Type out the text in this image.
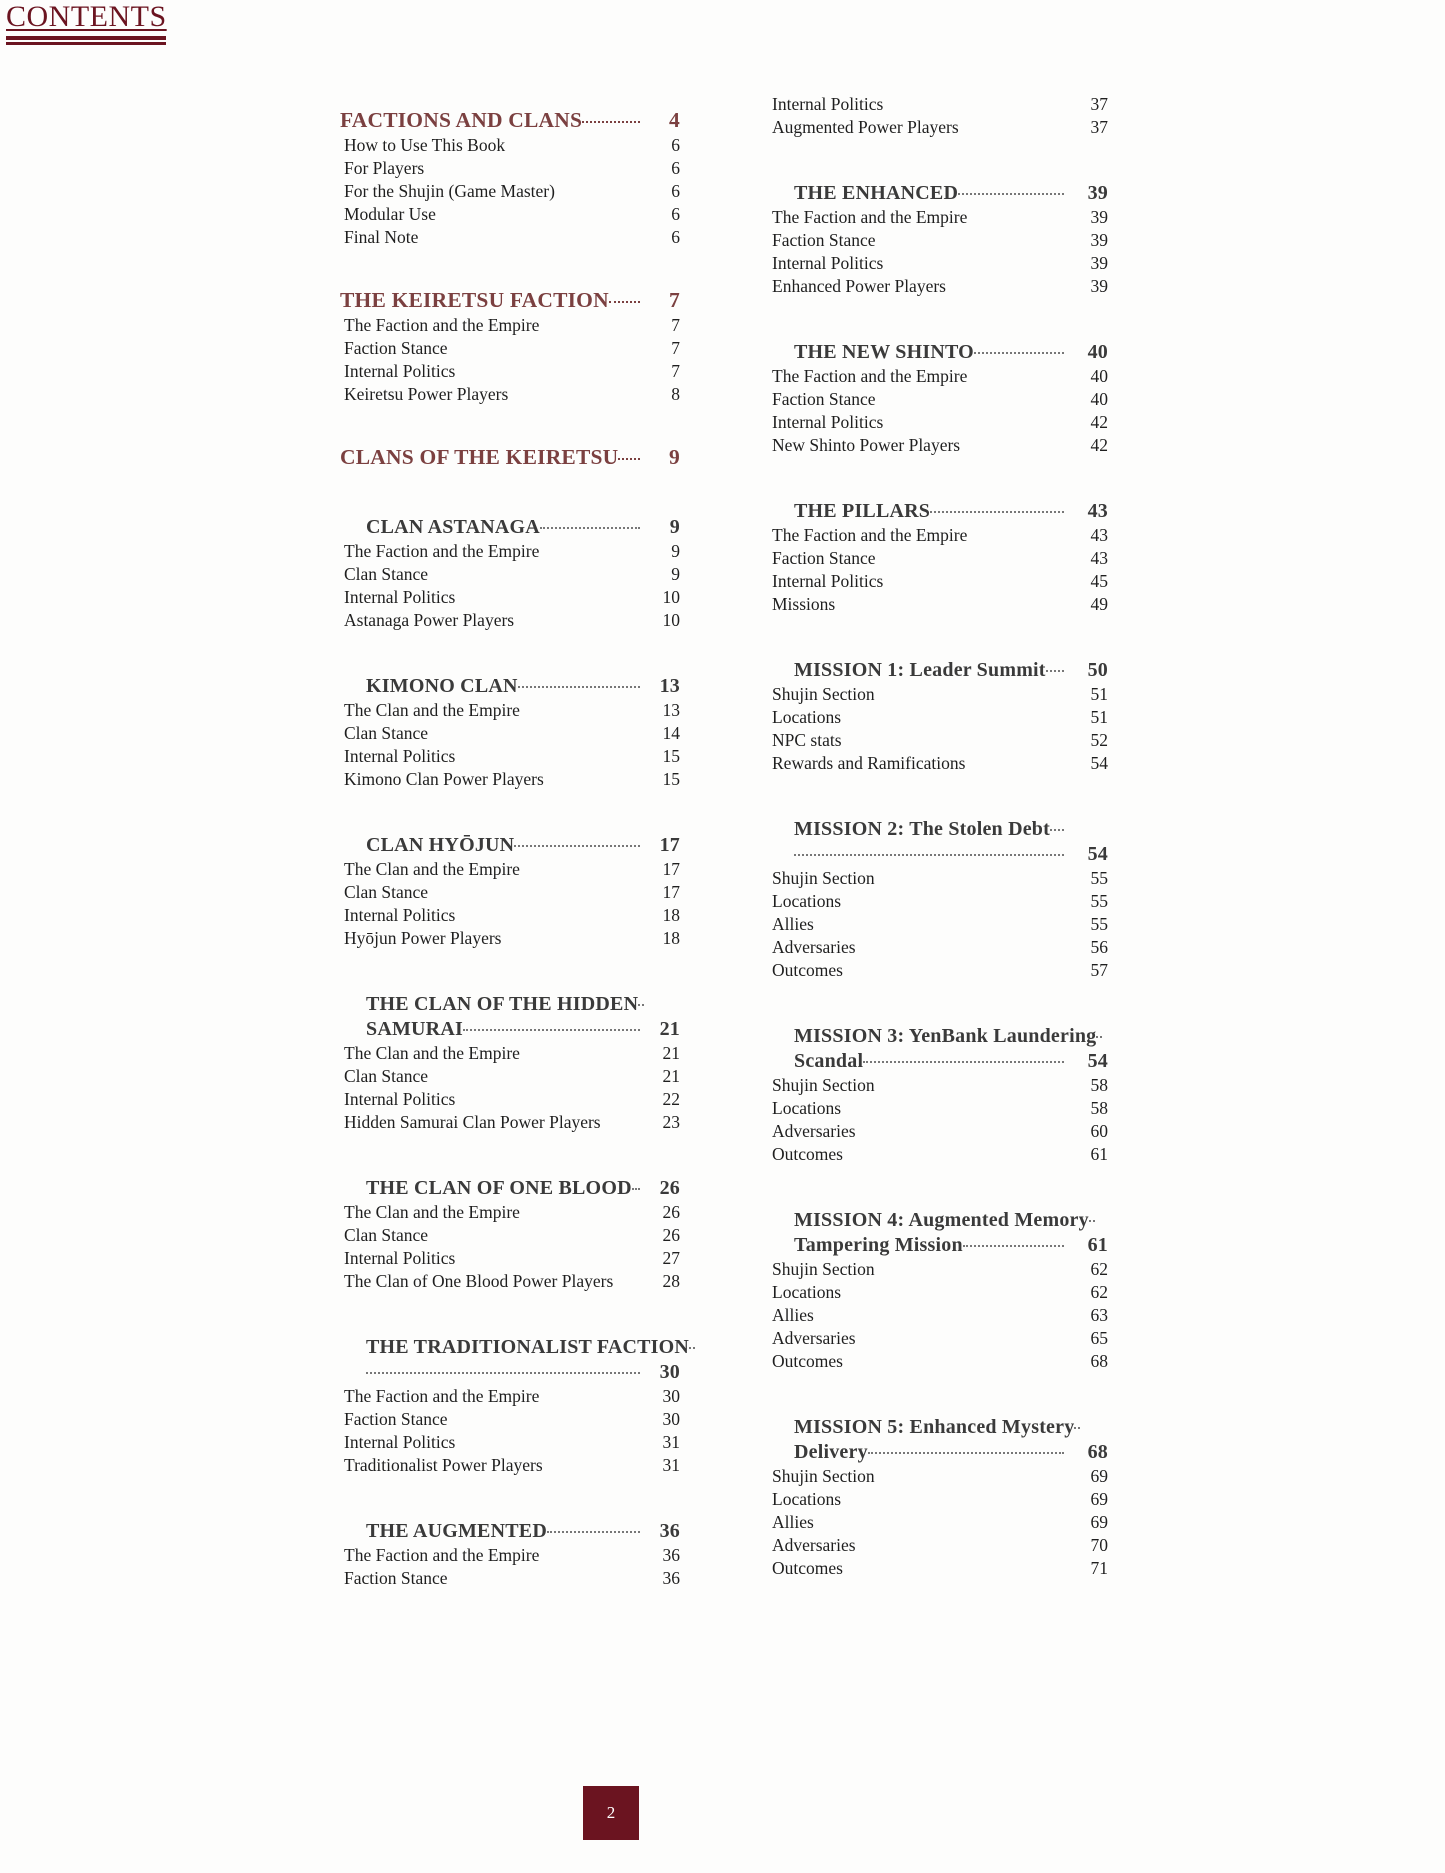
CONTENTS
FACTIONS AND CLANS	4
How to Use This Book	6
For Players	6
For the Shujin (Game Master)	6
Modular Use	6
Final Note	6
THE KEIRETSU FACTION	7
The Faction and the Empire	7
Faction Stance	7
Internal Politics	7
Keiretsu Power Players	8
CLANS OF THE KEIRETSU	9
CLAN ASTANAGA	9
The Faction and the Empire	9
Clan Stance	9
Internal Politics	10
Astanaga Power Players	10
KIMONO CLAN	13
The Clan and the Empire	13
Clan Stance	14
Internal Politics	15
Kimono Clan Power Players	15
CLAN HYŌJUN	17
The Clan and the Empire	17
Clan Stance	17
Internal Politics	18
Hyōjun Power Players	18
THE CLAN OF THE HIDDEN
SAMURAI	21
The Clan and the Empire	21
Clan Stance	21
Internal Politics	22
Hidden Samurai Clan Power Players	23
THE CLAN OF ONE BLOOD	26
The Clan and the Empire	26
Clan Stance	26
Internal Politics	27
The Clan of One Blood Power Players	28
THE TRADITIONALIST FACTION
30
The Faction and the Empire	30
Faction Stance	30
Internal Politics	31
Traditionalist Power Players	31
THE AUGMENTED	36
The Faction and the Empire	36
Faction Stance	36
Internal Politics	37
Augmented Power Players	37
THE ENHANCED	39
The Faction and the Empire	39
Faction Stance	39
Internal Politics	39
Enhanced Power Players	39
THE NEW SHINTO	40
The Faction and the Empire	40
Faction Stance	40
Internal Politics	42
New Shinto Power Players	42
THE PILLARS	43
The Faction and the Empire	43
Faction Stance	43
Internal Politics	45
Missions	49
MISSION 1: Leader Summit	50
Shujin Section	51
Locations	51
NPC stats	52
Rewards and Ramifications	54
MISSION 2: The Stolen Debt
54
Shujin Section	55
Locations	55
Allies	55
Adversaries	56
Outcomes	57
MISSION 3: YenBank Laundering
Scandal	54
Shujin Section	58
Locations	58
Adversaries	60
Outcomes	61
MISSION 4: Augmented Memory
Tampering Mission	61
Shujin Section	62
Locations	62
Allies	63
Adversaries	65
Outcomes	68
MISSION 5: Enhanced Mystery
Delivery	68
Shujin Section	69
Locations	69
Allies	69
Adversaries	70
Outcomes	71
2
